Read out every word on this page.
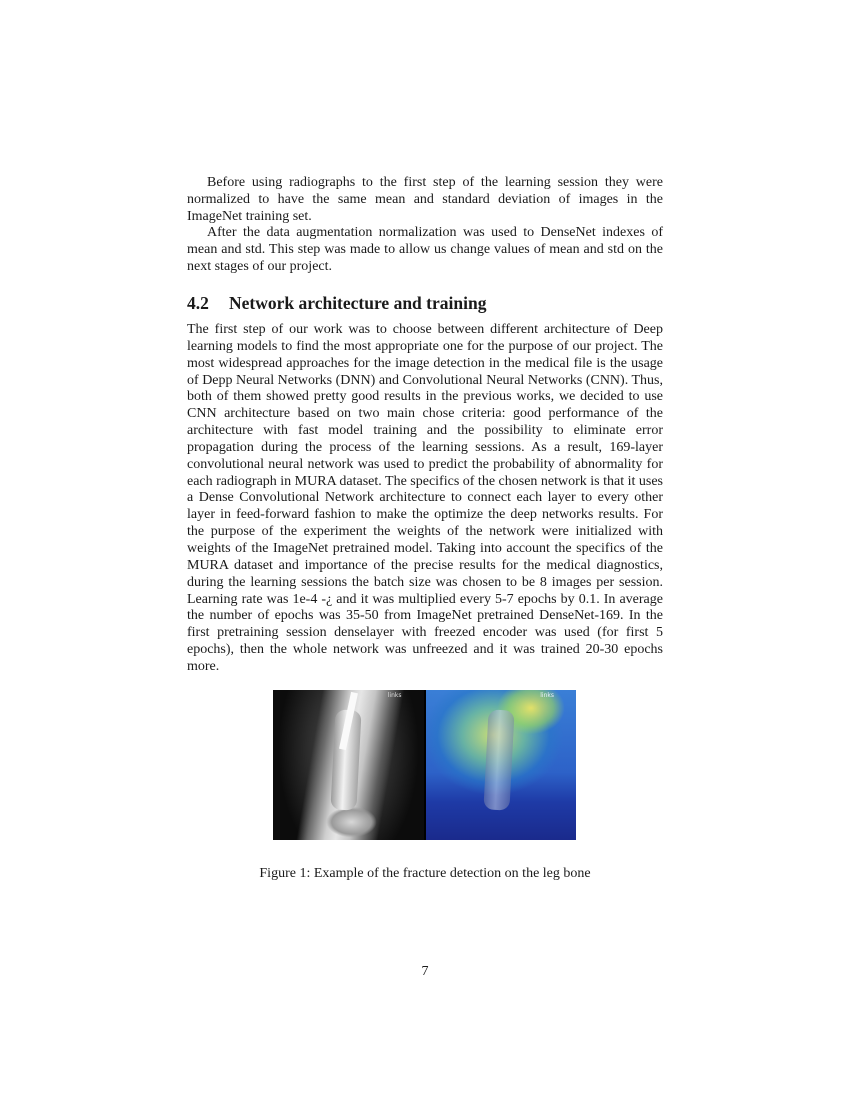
Before using radiographs to the first step of the learning session they were normalized to have the same mean and standard deviation of images in the ImageNet training set.

After the data augmentation normalization was used to DenseNet indexes of mean and std. This step was made to allow us change values of mean and std on the next stages of our project.

4.2 Network architecture and training

The first step of our work was to choose between different architecture of Deep learning models to find the most appropriate one for the purpose of our project. The most widespread approaches for the image detection in the medical file is the usage of Depp Neural Networks (DNN) and Convolutional Neural Networks (CNN). Thus, both of them showed pretty good results in the previous works, we decided to use CNN architecture based on two main chose criteria: good performance of the architecture with fast model training and the possibility to eliminate error propagation during the process of the learning sessions. As a result, 169-layer convolutional neural network was used to predict the probability of abnormality for each radiograph in MURA dataset. The specifics of the chosen network is that it uses a Dense Convolutional Network architecture to connect each layer to every other layer in feed-forward fashion to make the optimize the deep networks results. For the purpose of the experiment the weights of the network were initialized with weights of the ImageNet pretrained model. Taking into account the specifics of the MURA dataset and importance of the precise results for the medical diagnostics, during the learning sessions the batch size was chosen to be 8 images per session. Learning rate was 1e-4 -¿ and it was multiplied every 5-7 epochs by 0.1. In average the number of epochs was 35-50 from ImageNet pretrained DenseNet-169. In the first pretraining session denselayer with freezed encoder was used (for first 5 epochs), then the whole network was unfreezed and it was trained 20-30 epochs more.

links	links
Figure 1: Example of the fracture detection on the leg bone
7
